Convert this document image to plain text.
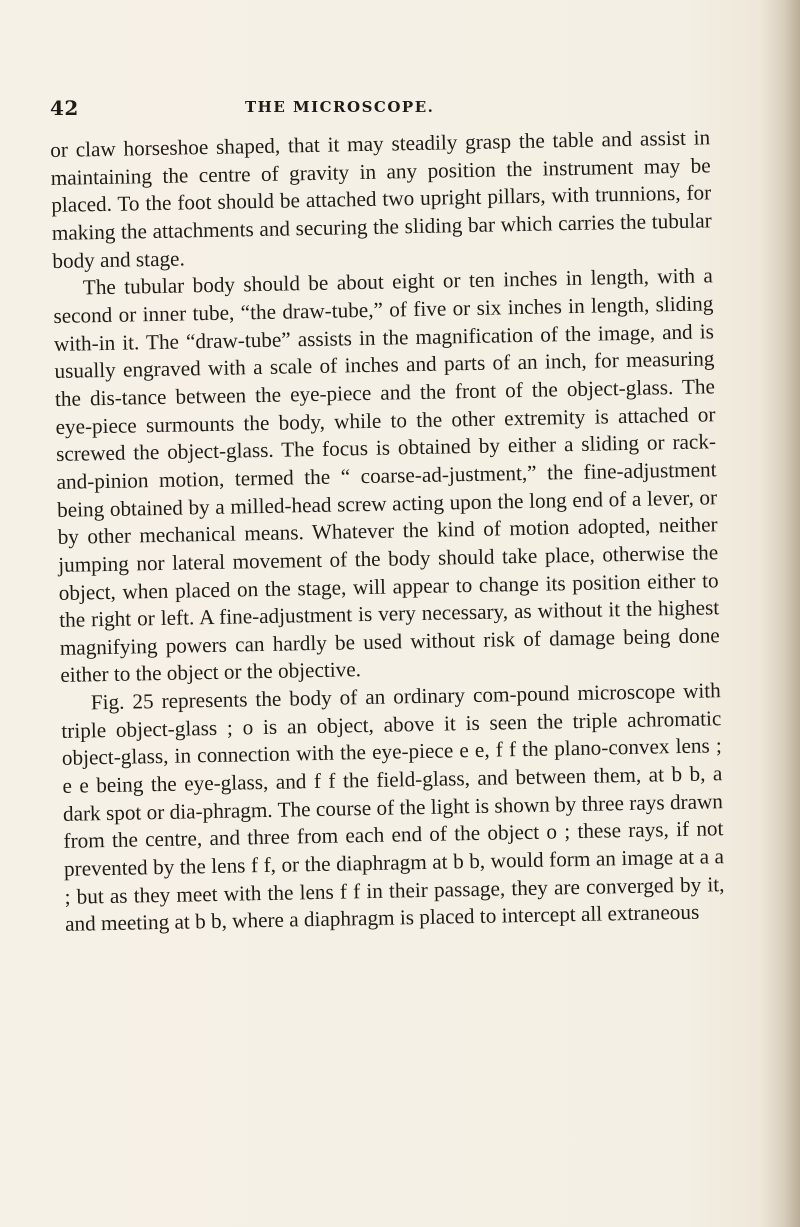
42	THE MICROSCOPE.

or claw horseshoe shaped, that it may steadily grasp the table and assist in maintaining the centre of gravity in any position the instrument may be placed. To the foot should be attached two upright pillars, with trunnions, for making the attachments and securing the sliding bar which carries the tubular body and stage.

The tubular body should be about eight or ten inches in length, with a second or inner tube, “the draw-tube,” of five or six inches in length, sliding with-in it. The “draw-tube” assists in the magnification of the image, and is usually engraved with a scale of inches and parts of an inch, for measuring the dis-tance between the eye-piece and the front of the object-glass. The eye-piece surmounts the body, while to the other extremity is attached or screwed the object-glass. The focus is obtained by either a sliding or rack-and-pinion motion, termed the “ coarse-ad-justment,” the fine-adjustment being obtained by a milled-head screw acting upon the long end of a lever, or by other mechanical means. Whatever the kind of motion adopted, neither jumping nor lateral movement of the body should take place, otherwise the object, when placed on the stage, will appear to change its position either to the right or left. A fine-adjustment is very necessary, as without it the highest magnifying powers can hardly be used without risk of damage being done either to the object or the objective.

Fig. 25 represents the body of an ordinary com-pound microscope with triple object-glass ; o is an object, above it is seen the triple achromatic object-glass, in connection with the eye-piece e e, f f the plano-convex lens ; e e being the eye-glass, and f f the field-glass, and between them, at b b, a dark spot or dia-phragm. The course of the light is shown by three rays drawn from the centre, and three from each end of the object o ; these rays, if not prevented by the lens f f, or the diaphragm at b b, would form an image at a a ; but as they meet with the lens f f in their passage, they are converged by it, and meeting at b b, where a diaphragm is placed to intercept all extraneous
